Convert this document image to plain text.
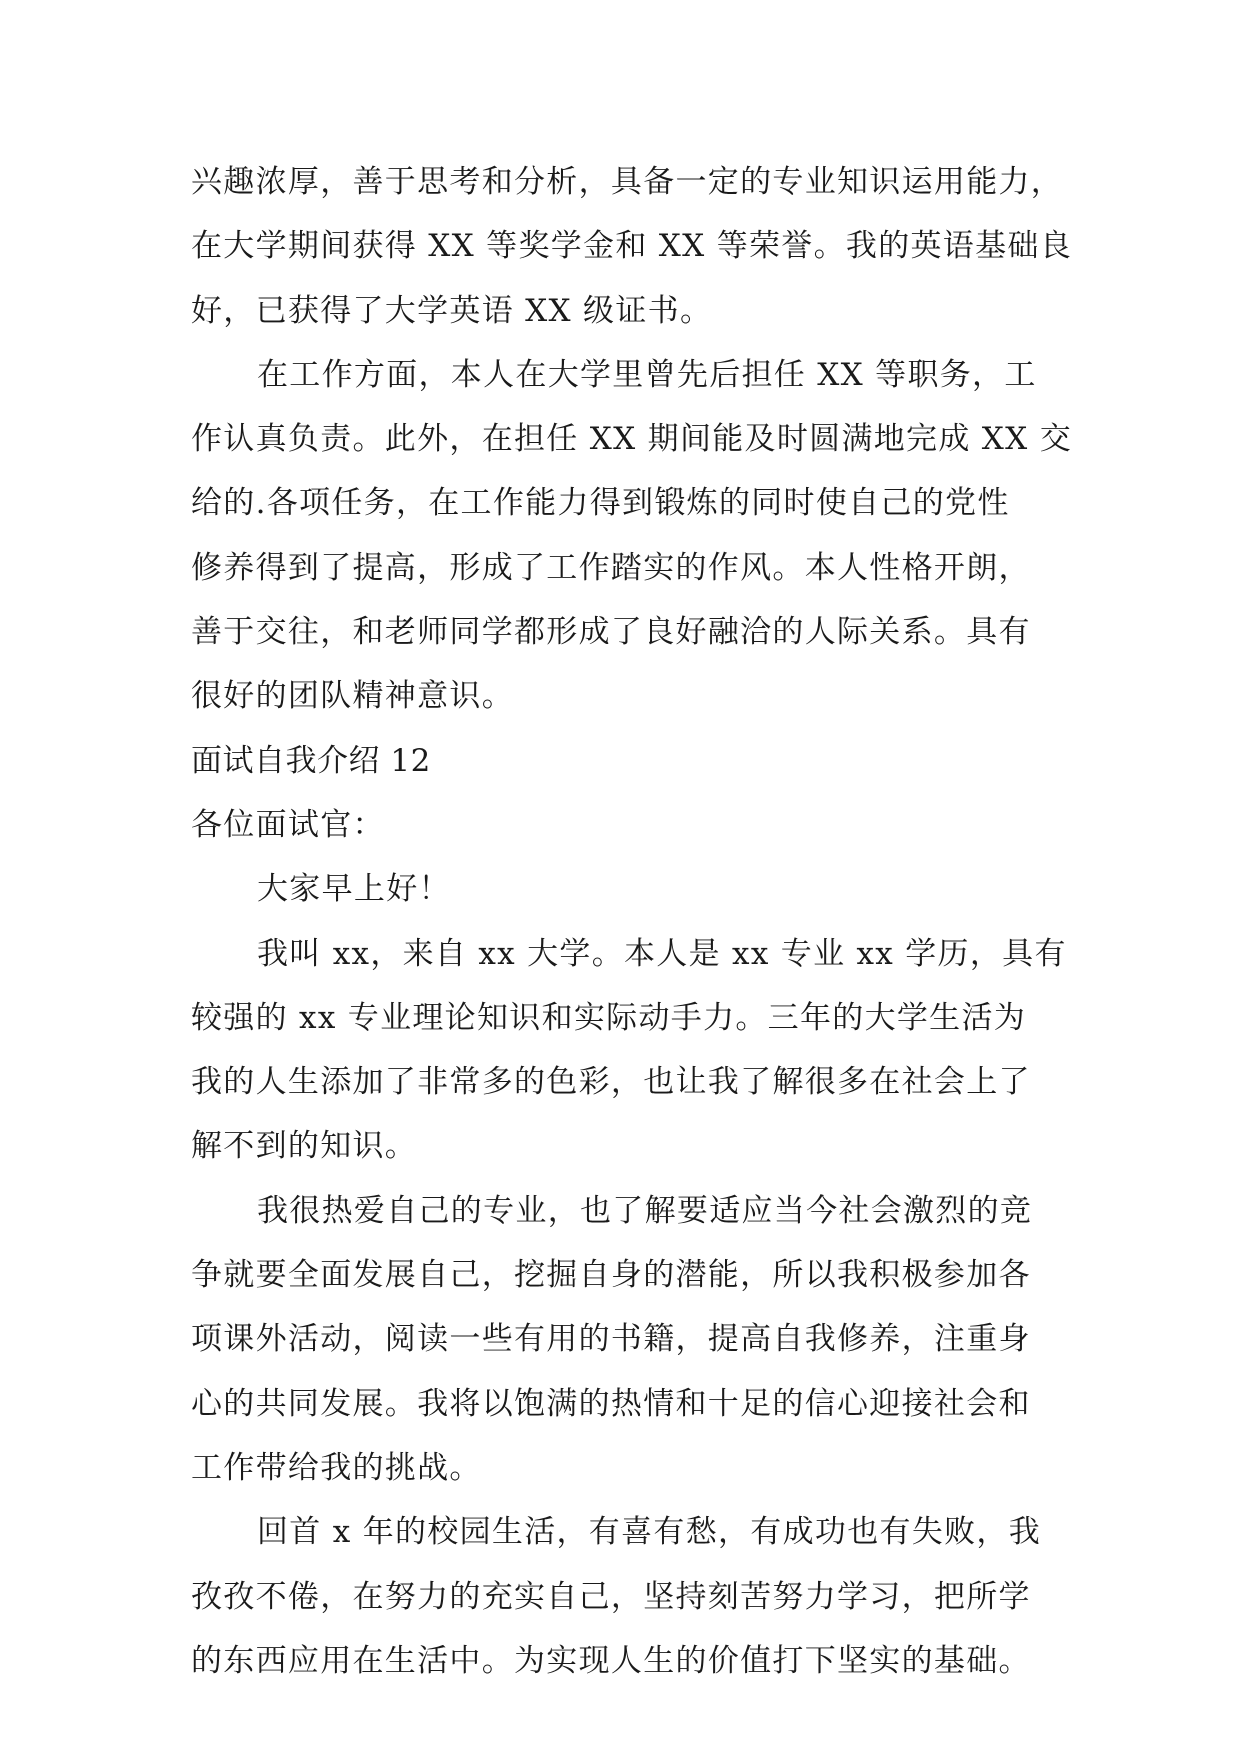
兴趣浓厚，善于思考和分析，具备一定的专业知识运用能力，
在大学期间获得 XX 等奖学金和 XX 等荣誉。我的英语基础良
好，已获得了大学英语 XX 级证书。
在工作方面，本人在大学里曾先后担任 XX 等职务，工
作认真负责。此外，在担任 XX 期间能及时圆满地完成 XX 交
给的.各项任务，在工作能力得到锻炼的同时使自己的党性
修养得到了提高，形成了工作踏实的作风。本人性格开朗，
善于交往，和老师同学都形成了良好融洽的人际关系。具有
很好的团队精神意识。
面试自我介绍 12
各位面试官：
大家早上好！
我叫 xx，来自 xx 大学。本人是 xx 专业 xx 学历，具有
较强的 xx 专业理论知识和实际动手力。三年的大学生活为
我的人生添加了非常多的色彩，也让我了解很多在社会上了
解不到的知识。
我很热爱自己的专业，也了解要适应当今社会激烈的竞
争就要全面发展自己，挖掘自身的潜能，所以我积极参加各
项课外活动，阅读一些有用的书籍，提高自我修养，注重身
心的共同发展。我将以饱满的热情和十足的信心迎接社会和
工作带给我的挑战。
回首 x 年的校园生活，有喜有愁，有成功也有失败，我
孜孜不倦，在努力的充实自己，坚持刻苦努力学习，把所学
的东西应用在生活中。为实现人生的价值打下坚实的基础。
